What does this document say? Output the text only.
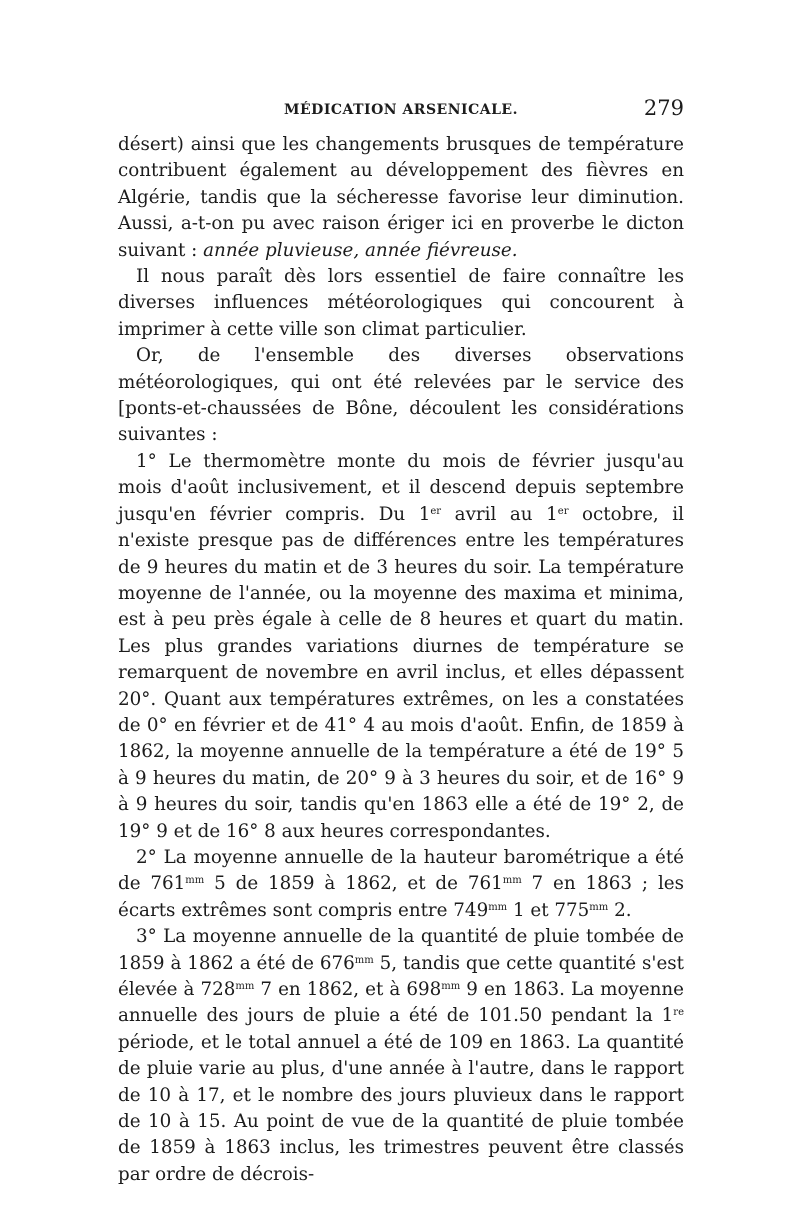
MÉDICATION ARSENICALE.	279

désert) ainsi que les changements brusques de température contribuent également au développement des fièvres en Algérie, tandis que la sécheresse favorise leur diminution. Aussi, a-t-on pu avec raison ériger ici en proverbe le dicton suivant : année pluvieuse, année fiévreuse.

Il nous paraît dès lors essentiel de faire connaître les diverses influences météorologiques qui concourent à imprimer à cette ville son climat particulier.

Or, de l'ensemble des diverses observations météorologiques, qui ont été relevées par le service des [ponts-et-chaussées de Bône, découlent les considérations suivantes :

1° Le thermomètre monte du mois de février jusqu'au mois d'août inclusivement, et il descend depuis septembre jusqu'en février compris. Du 1er avril au 1er octobre, il n'existe presque pas de différences entre les températures de 9 heures du matin et de 3 heures du soir. La température moyenne de l'année, ou la moyenne des maxima et minima, est à peu près égale à celle de 8 heures et quart du matin. Les plus grandes variations diurnes de température se remarquent de novembre en avril inclus, et elles dépassent 20°. Quant aux températures extrêmes, on les a constatées de 0° en février et de 41° 4 au mois d'août. Enfin, de 1859 à 1862, la moyenne annuelle de la température a été de 19° 5 à 9 heures du matin, de 20° 9 à 3 heures du soir, et de 16° 9 à 9 heures du soir, tandis qu'en 1863 elle a été de 19° 2, de 19° 9 et de 16° 8 aux heures correspondantes.

2° La moyenne annuelle de la hauteur barométrique a été de $761^{mm}$ 5 de 1859 à 1862, et de $761^{mm}$ 7 en 1863 ; les écarts extrêmes sont compris entre $749^{mm}$ 1 et $775^{mm}$ 2.

3° La moyenne annuelle de la quantité de pluie tombée de 1859 à 1862 a été de $676^{mm}$ 5, tandis que cette quantité s'est élevée à $728^{mm}$ 7 en 1862, et à $698^{mm}$ 9 en 1863. La moyenne annuelle des jours de pluie a été de 101.50 pendant la 1re période, et le total annuel a été de 109 en 1863. La quantité de pluie varie au plus, d'une année à l'autre, dans le rapport de 10 à 17, et le nombre des jours pluvieux dans le rapport de 10 à 15. Au point de vue de la quantité de pluie tombée de 1859 à 1863 inclus, les trimestres peuvent être classés par ordre de décrois-
